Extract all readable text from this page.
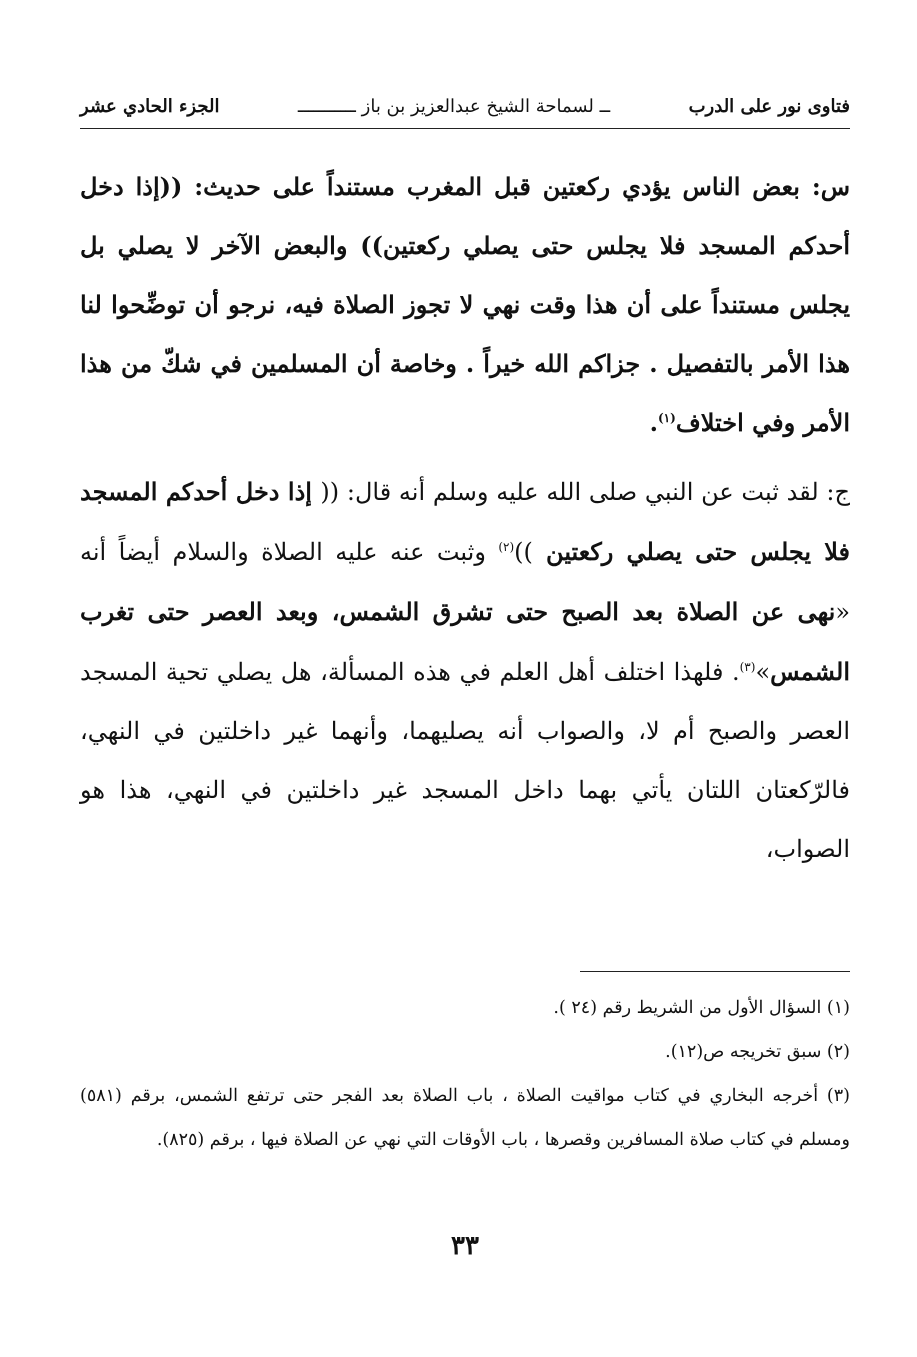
فتاوى نور على الدرب
ــ لسماحة الشيخ عبدالعزيز بن باز ـــــــــــ
الجزء الحادي عشر

س: بعض الناس يؤدي ركعتين قبل المغرب مستنداً على حديث: ((إذا دخل أحدكم المسجد فلا يجلس حتى يصلي ركعتين)) والبعض الآخر لا يصلي بل يجلس مستنداً على أن هذا وقت نهي لا تجوز الصلاة فيه، نرجو أن توضِّحوا لنا هذا الأمر بالتفصيل . جزاكم الله خيراً . وخاصة أن المسلمين في شكّ من هذا الأمر وفي اختلاف$^{(١)}$.

ج: لقد ثبت عن النبي صلى الله عليه وسلم أنه قال: (( إذا دخل أحدكم المسجد فلا يجلس حتى يصلي ركعتين ))$^{(٢)}$ وثبت عنه عليه الصلاة والسلام أيضاً أنه «نهى عن الصلاة بعد الصبح حتى تشرق الشمس، وبعد العصر حتى تغرب الشمس»$^{(٣)}$. فلهذا اختلف أهل العلم في هذه المسألة، هل يصلي تحية المسجد العصر والصبح أم لا، والصواب أنه يصليهما، وأنهما غير داخلتين في النهي، فالرّكعتان اللتان يأتي بهما داخل المسجد غير داخلتين في النهي، هذا هو الصواب،

(١) السؤال الأول من الشريط رقم (٢٤ ).

(٢) سبق تخريجه ص(١٢).

(٣) أخرجه البخاري في كتاب مواقيت الصلاة ، باب الصلاة بعد الفجر حتى ترتفع الشمس، برقم (٥٨١) ومسلم في كتاب صلاة المسافرين وقصرها ، باب الأوقات التي نهي عن الصلاة فيها ، برقم (٨٢٥).

٣٣
